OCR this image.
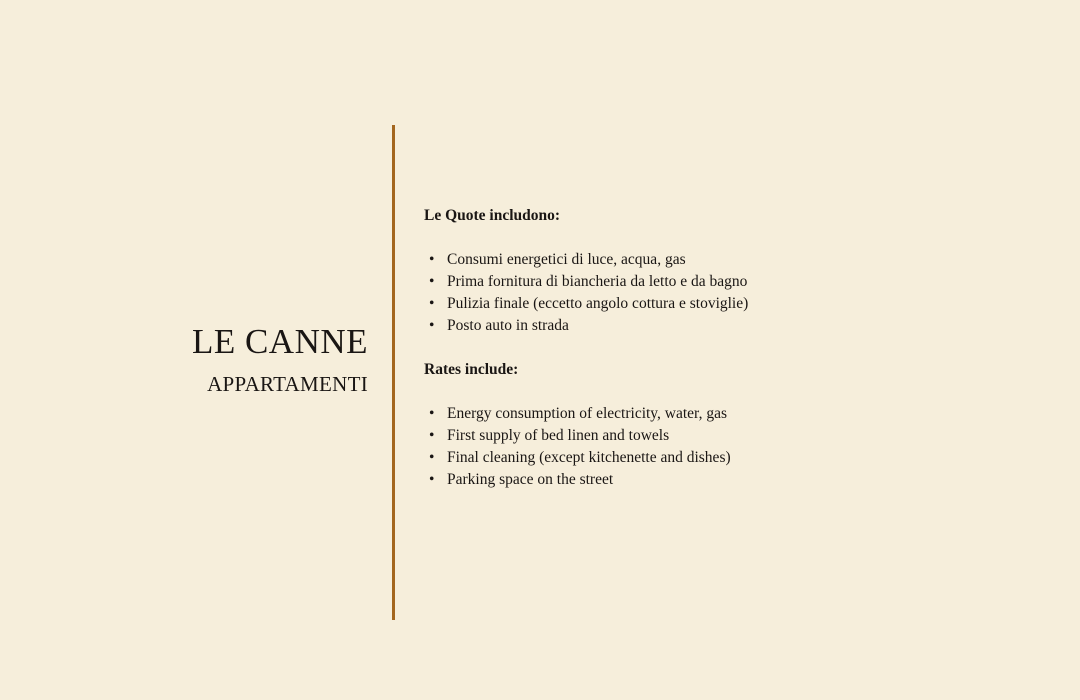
LE CANNE
APPARTAMENTI

Le Quote includono:

• Consumi energetici di luce, acqua, gas
• Prima fornitura di biancheria da letto e da bagno
• Pulizia finale (eccetto angolo cottura e stoviglie)
• Posto auto in strada

Rates include:

• Energy consumption of electricity, water, gas
• First supply of bed linen and towels
• Final cleaning (except kitchenette and dishes)
• Parking space on the street
